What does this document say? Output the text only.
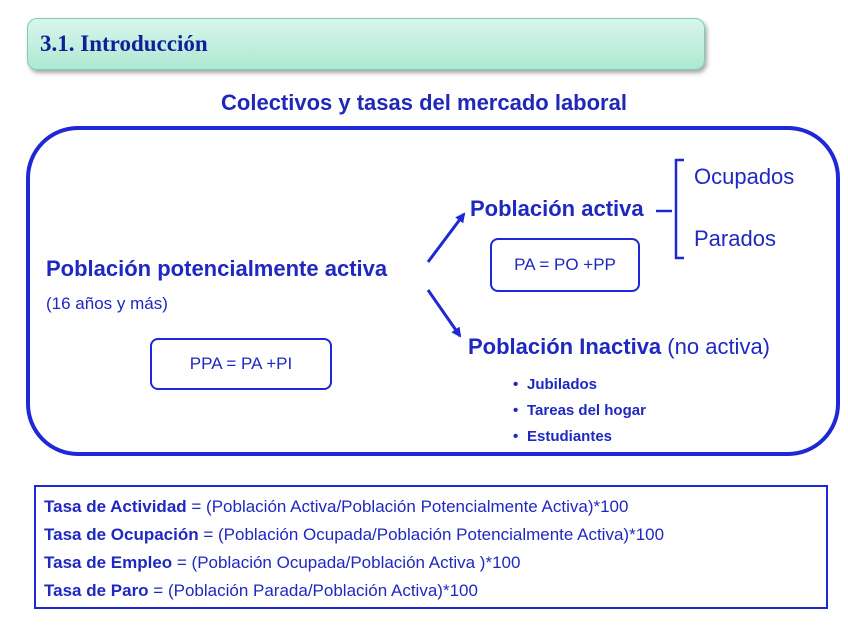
3.1. Introducción
Colectivos y tasas del mercado laboral
Población potencialmente activa
(16 años y más)
PPA = PA +PI
Población activa
PA = PO +PP
Ocupados
Parados
Población Inactiva (no activa)
• Jubilados
• Tareas del hogar
• Estudiantes
Tasa de Actividad = (Población Activa/Población Potencialmente Activa)*100
Tasa de Ocupación = (Población Ocupada/Población Potencialmente Activa)*100
Tasa de Empleo = (Población Ocupada/Población Activa )*100
Tasa de Paro = (Población Parada/Población Activa)*100
